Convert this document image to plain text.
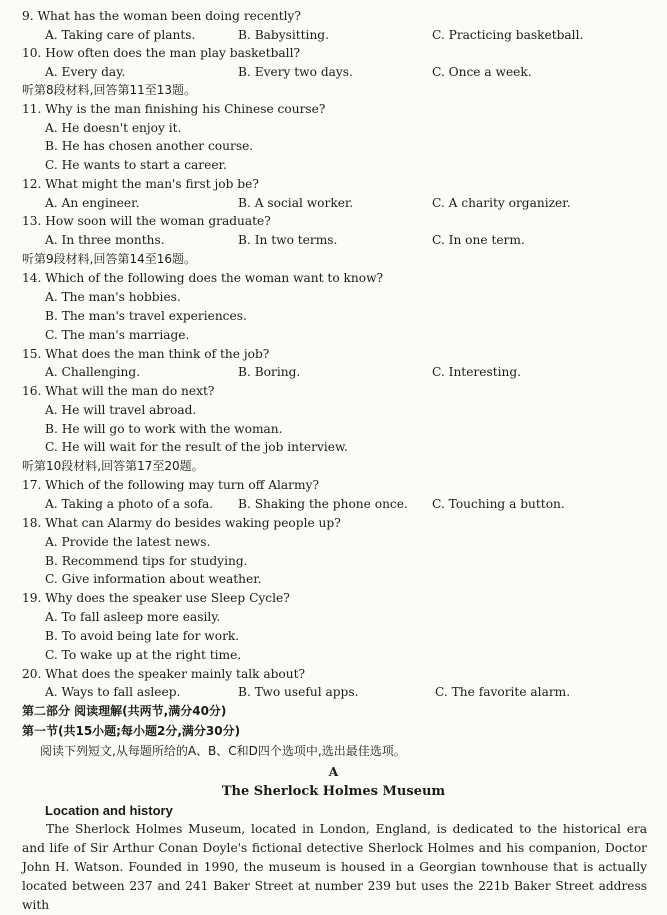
9. What has the woman been doing recently?
A. Taking care of plants.	B. Babysitting.	C. Practicing basketball.
10. How often does the man play basketball?
A. Every day.	B. Every two days.	C. Once a week.
听第8段材料,回答第11至13题。
11. Why is the man finishing his Chinese course?
A. He doesn't enjoy it.
B. He has chosen another course.
C. He wants to start a career.
12. What might the man's first job be?
A. An engineer.	B. A social worker.	C. A charity organizer.
13. How soon will the woman graduate?
A. In three months.	B. In two terms.	C. In one term.
听第9段材料,回答第14至16题。
14. Which of the following does the woman want to know?
A. The man's hobbies.
B. The man's travel experiences.
C. The man's marriage.
15. What does the man think of the job?
A. Challenging.	B. Boring.	C. Interesting.
16. What will the man do next?
A. He will travel abroad.
B. He will go to work with the woman.
C. He will wait for the result of the job interview.
听第10段材料,回答第17至20题。
17. Which of the following may turn off Alarmy?
A. Taking a photo of a sofa. B. Shaking the phone once. C. Touching a button.
18. What can Alarmy do besides waking people up?
A. Provide the latest news.
B. Recommend tips for studying.
C. Give information about weather.
19. Why does the speaker use Sleep Cycle?
A. To fall asleep more easily.
B. To avoid being late for work.
C. To wake up at the right time.
20. What does the speaker mainly talk about?
A. Ways to fall asleep.	B. Two useful apps.	C. The favorite alarm.
第二部分 阅读理解(共两节,满分40分)
第一节(共15小题;每小题2分,满分30分)
阅读下列短文,从每题所给的A、B、C和D四个选项中,选出最佳选项。
A
The Sherlock Holmes Museum
Location and history
The Sherlock Holmes Museum, located in London, England, is dedicated to the historical era and life of Sir Arthur Conan Doyle's fictional detective Sherlock Holmes and his companion, Doctor John H. Watson. Founded in 1990, the museum is housed in a Georgian townhouse that is actually located between 237 and 241 Baker Street at number 239 but uses the 221b Baker Street address with
